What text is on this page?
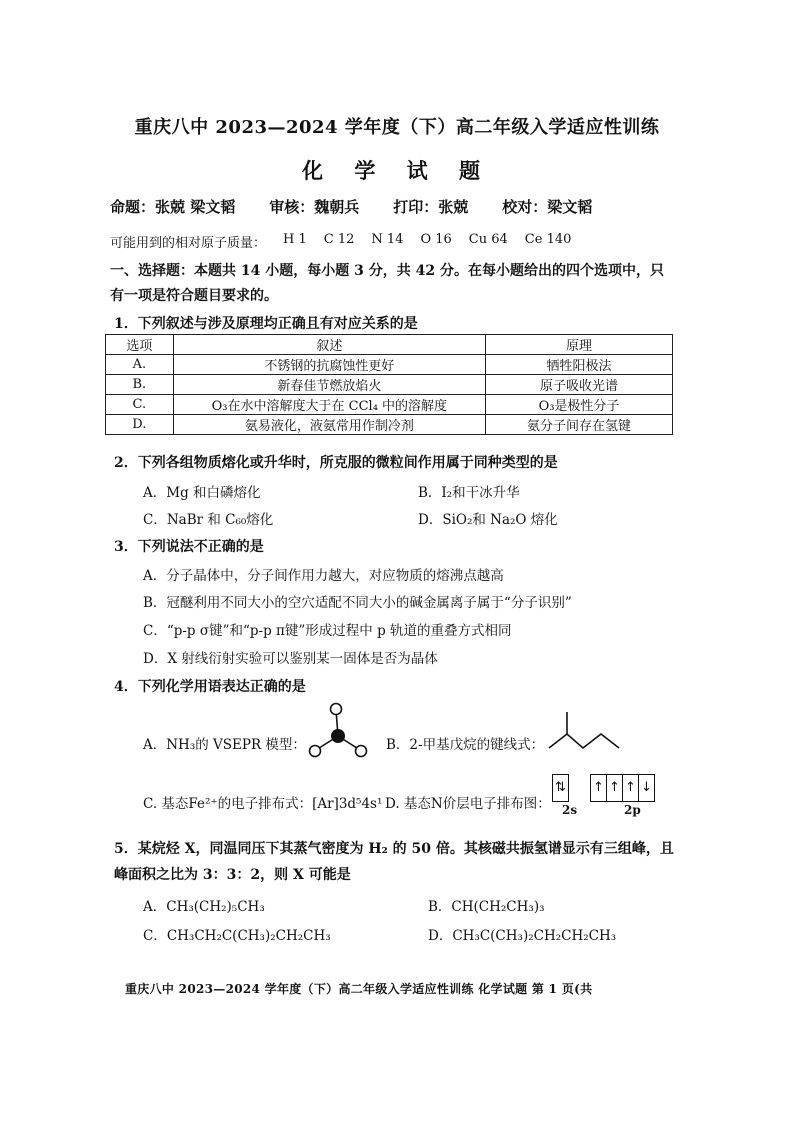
重庆八中 2023—2024 学年度（下）高二年级入学适应性训练
化 学 试 题
命题：张兢 梁文韬 审核：魏朝兵 打印：张兢 校对：梁文韬
可能用到的相对原子质量： H 1 C 12 N 14 O 16 Cu 64 Ce 140
一、选择题：本题共 14 小题，每小题 3 分，共 42 分。在每小题给出的四个选项中，只
有一项是符合题目要求的。
1．下列叙述与涉及原理均正确且有对应关系的是
选项	叙述	原理
A.	不锈钢的抗腐蚀性更好	牺牲阳极法
B.	新春佳节燃放焰火	原子吸收光谱
C.	O₃在水中溶解度大于在 CCl₄ 中的溶解度	O₃是极性分子
D.	氨易液化，液氨常用作制冷剂	氨分子间存在氢键
2．下列各组物质熔化或升华时，所克服的微粒间作用属于同种类型的是
A．Mg 和白磷熔化	B．I₂和干冰升华
C．NaBr 和 C₆₀熔化	D．SiO₂和 Na₂O 熔化
3．下列说法不正确的是
A．分子晶体中，分子间作用力越大，对应物质的熔沸点越高
B．冠醚利用不同大小的空穴适配不同大小的碱金属离子属于“分子识别”
C．“p-p σ键”和“p-p π键”形成过程中 p 轨道的重叠方式相同
D．X 射线衍射实验可以鉴别某一固体是否为晶体
4．下列化学用语表达正确的是
A．NH₃的 VSEPR 模型：	B．2-甲基戊烷的键线式：
C. 基态Fe²⁺的电子排布式：[Ar]3d⁵4s¹ D. 基态N价层电子排布图：
⇅ ↑ ↑ ↑ ↓
2s	2p
5．某烷烃 X，同温同压下其蒸气密度为 H₂ 的 50 倍。其核磁共振氢谱显示有三组峰，且
峰面积之比为 3：3：2，则 X 可能是
A．CH₃(CH₂)₅CH₃	B．CH(CH₂CH₃)₃
C．CH₃CH₂C(CH₃)₂CH₂CH₃	D．CH₃C(CH₃)₂CH₂CH₂CH₃
重庆八中 2023—2024 学年度（下）高二年级入学适应性训练 化学试题 第 1 页(共
